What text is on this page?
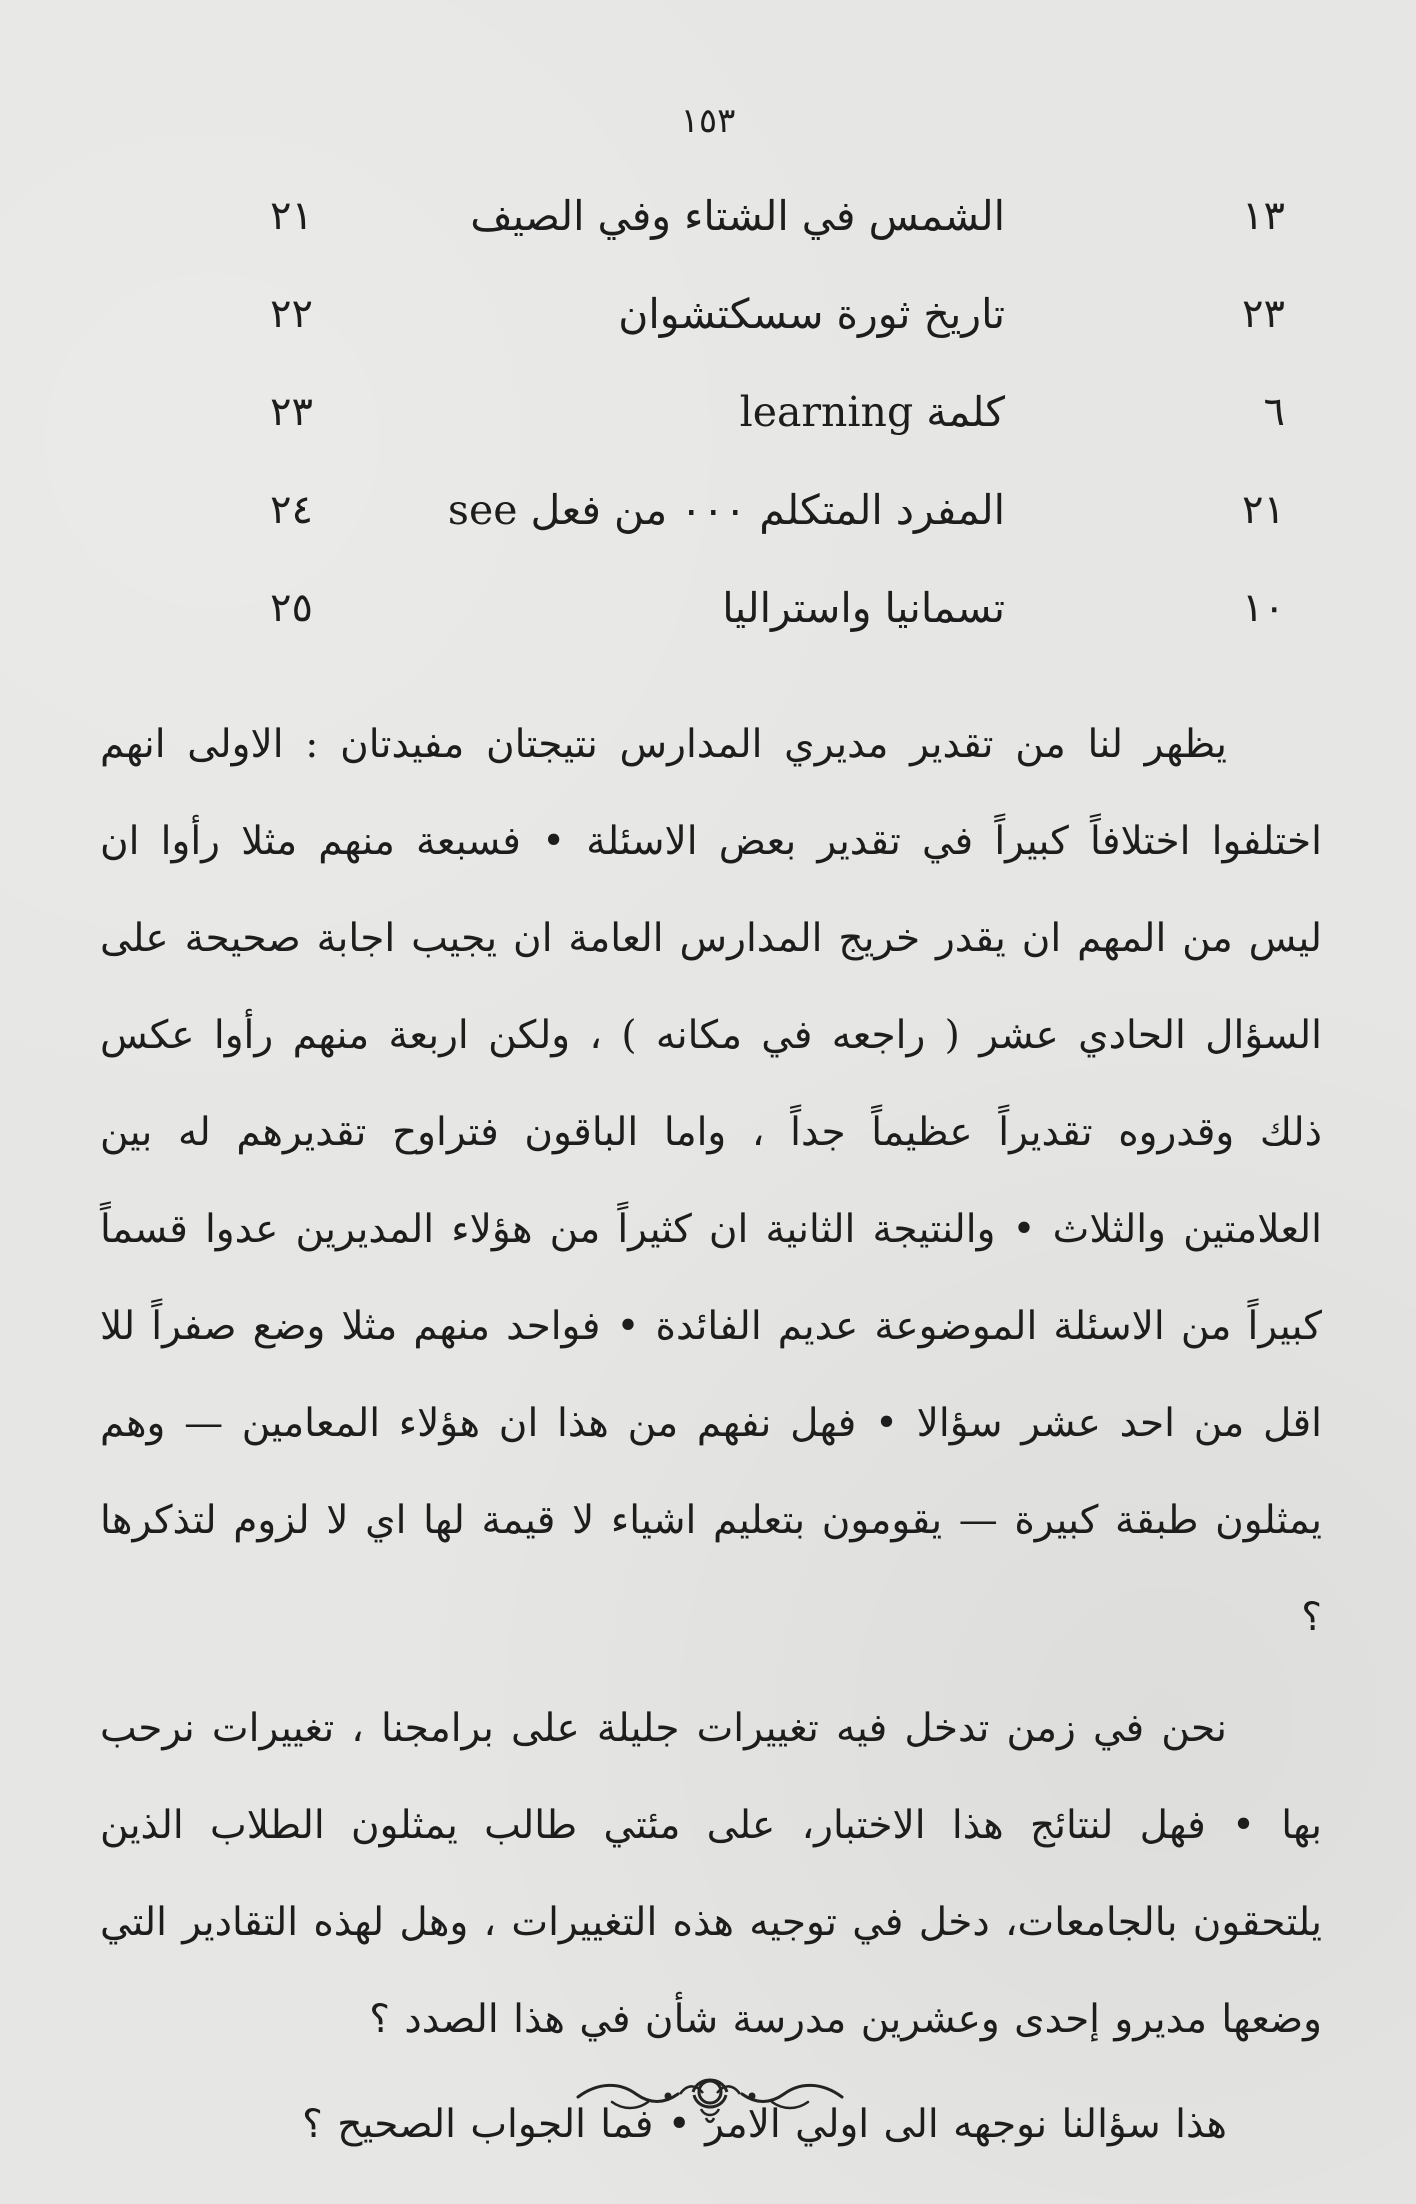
١٥٣
١٣
الشمس في الشتاء وفي الصيف
٢١
٢٣
تاريخ ثورة سسكتشوان
٢٢
٦
كلمة learning
٢٣
٢١
المفرد المتكلم ٠٠٠ من فعل see
٢٤
١٠
تسمانيا واستراليا
٢٥

يظهر لنا من تقدير مديري المدارس نتيجتان مفيدتان : الاولى انهم اختلفوا اختلافاً كبيراً في تقدير بعض الاسئلة • فسبعة منهم مثلا رأوا ان ليس من المهم ان يقدر خريج المدارس العامة ان يجيب اجابة صحيحة على السؤال الحادي عشر ( راجعه في مكانه ) ، ولكن اربعة منهم رأوا عكس ذلك وقدروه تقديراً عظيماً جداً ، واما الباقون فتراوح تقديرهم له بين العلامتين والثلاث • والنتيجة الثانية ان كثيراً من هؤلاء المديرين عدوا قسماً كبيراً من الاسئلة الموضوعة عديم الفائدة • فواحد منهم مثلا وضع صفراً للا اقل من احد عشر سؤالا • فهل نفهم من هذا ان هؤلاء المعامين — وهم يمثلون طبقة كبيرة — يقومون بتعليم اشياء لا قيمة لها اي لا لزوم لتذكرها ؟

نحن في زمن تدخل فيه تغييرات جليلة على برامجنا ، تغييرات نرحب بها • فهل لنتائج هذا الاختبار، على مئتي طالب يمثلون الطلاب الذين يلتحقون بالجامعات، دخل في توجيه هذه التغييرات ، وهل لهذه التقادير التي وضعها مديرو إحدى وعشرين مدرسة شأن في هذا الصدد ؟

هذا سؤالنا نوجهه الى اولي الامر • فما الجواب الصحيح ؟
